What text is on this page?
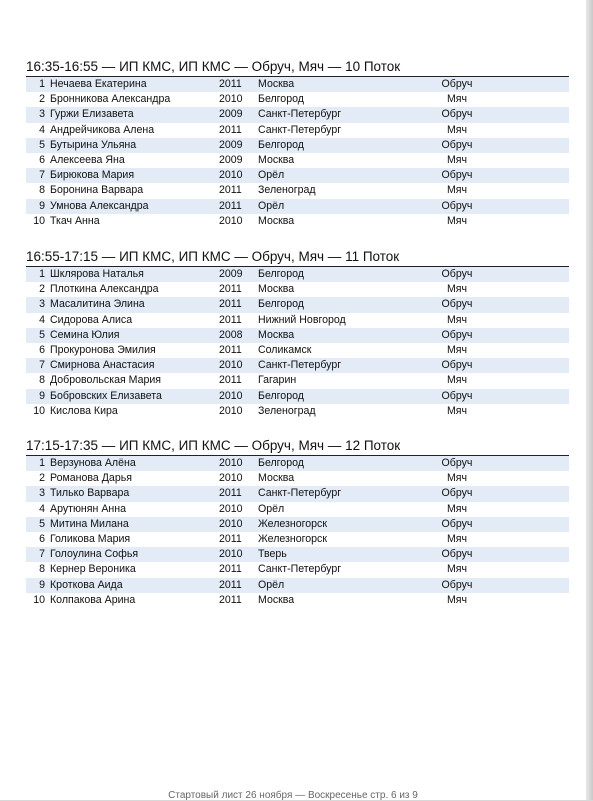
16:35-16:55 — ИП КМС, ИП КМС — Обруч, Мяч — 10 Поток
1 Нечаева Екатерина	2011 Москва	Обруч
2 Бронникова Александра	2010 Белгород	Мяч
3 Гуржи Елизавета	2009 Санкт-Петербург	Обруч
4 Андрейчикова Алена	2011 Санкт-Петербург	Мяч
5 Бутырина Ульяна	2009 Белгород	Обруч
6 Алексеева Яна	2009 Москва	Мяч
7 Бирюкова Мария	2010 Орёл	Обруч
8 Боронина Варвара	2011 Зеленоград	Мяч
9 Умнова Александра	2011 Орёл	Обруч
10 Ткач Анна	2010 Москва	Мяч
16:55-17:15 — ИП КМС, ИП КМС — Обруч, Мяч — 11 Поток
1 Шклярова Наталья	2009 Белгород	Обруч
2 Плоткина Александра	2011 Москва	Мяч
3 Масалитина Элина	2011 Белгород	Обруч
4 Сидорова Алиса	2011 Нижний Новгород	Мяч
5 Семина Юлия	2008 Москва	Обруч
6 Прокуронова Эмилия	2011 Соликамск	Мяч
7 Смирнова Анастасия	2010 Санкт-Петербург	Обруч
8 Добровольская Мария	2011 Гагарин	Мяч
9 Бобровских Елизавета	2010 Белгород	Обруч
10 Кислова Кира	2010 Зеленоград	Мяч
17:15-17:35 — ИП КМС, ИП КМС — Обруч, Мяч — 12 Поток
1 Верзунова Алёна	2010 Белгород	Обруч
2 Романова Дарья	2010 Москва	Мяч
3 Тилько Варвара	2011 Санкт-Петербург	Обруч
4 Арутюнян Анна	2010 Орёл	Мяч
5 Митина Милана	2010 Железногорск	Обруч
6 Голикова Мария	2011 Железногорск	Мяч
7 Голоулина Софья	2010 Тверь	Обруч
8 Кернер Вероника	2011 Санкт-Петербург	Мяч
9 Кроткова Аида	2011 Орёл	Обруч
10 Колпакова Арина	2011 Москва	Мяч
Стартовый лист 26 ноября — Воскресенье стр. 6 из 9
